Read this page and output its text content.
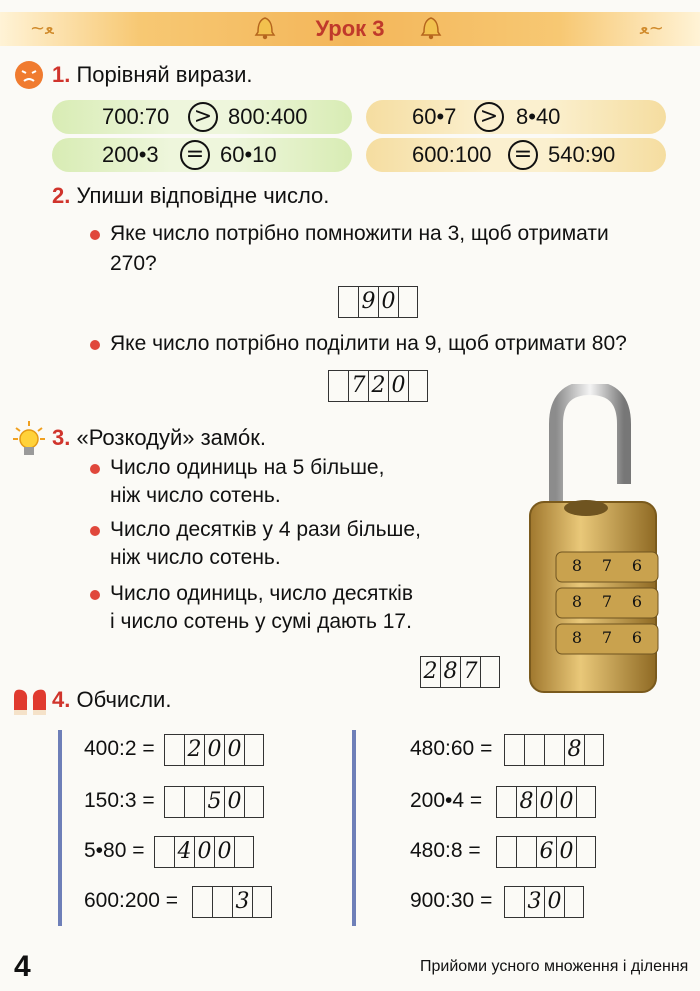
~ﻌ	ﻌ~
Урок 3
1. Порівняй вирази.
700:70 > 800:400	60•7 > 8•40
200•3 = 60•10	600:100 = 540:90
2. Упиши відповідне число.
Яке число потрібно помножити на 3, щоб отримати
270?
9 0
Яке число потрібно поділити на 9, щоб отримати 80?
7 2 0
3. «Розкодуй» замóк.
Число одиниць на 5 більше,
ніж число сотень.
Число десятків у 4 рази більше,
ніж число сотень.
Число одиниць, число десятків
і число сотень у сумі дають 17.
2 8 7
8 7 6
8 7 6
8 7 6
4. Обчисли.
400:2 = 2 0 0
150:3 = 5 0
5•80 = 4 0 0
600:200 =	3
480:60 =	8
200•4 = 8 0 0
480:8 =	6 0
900:30 = 3 0
4	Прийоми усного множення і ділення
